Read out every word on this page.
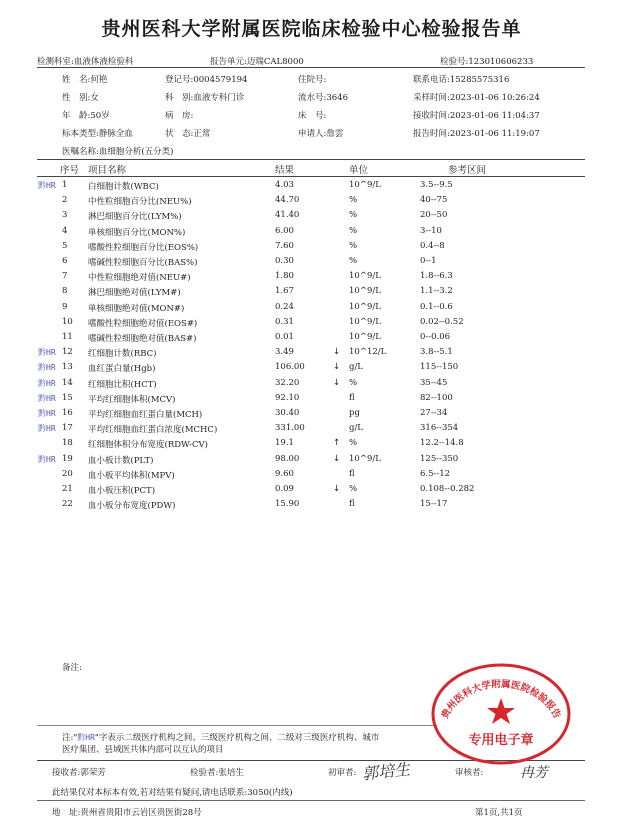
贵州医科大学附属医院临床检验中心检验报告单
检测科室:血液体液检验科	报告单元:迈瑞CAL8000	检验号:123010606233
姓　名:何艳	登记号:0004579194	住院号:	联系电话:15285575316
性　别:女	科　别:血液专科门诊	流水号:3646	采样时间:2023-01-06 10:26:24
年　龄:50岁	病　房:	床　号:	接收时间:2023-01-06 11:04:37
标本类型:静脉全血	状　态:正常	申请人:詹雲	报告时间:2023-01-06 11:19:07
医嘱名称:血细胞分析(五分类)
序号 项目名称	结果	单位	参考区间
黔HR 1 白细胞计数(WBC)	4.03	10^9/L	3.5--9.5
2 中性粒细胞百分比(NEU%)	44.70	%	40--75
3 淋巴细胞百分比(LYM%)	41.40	%	20--50
4 单核细胞百分比(MON%)	6.00	%	3--10
5 嗜酸性粒细胞百分比(EOS%)	7.60	%	0.4--8
6 嗜碱性粒细胞百分比(BAS%)	0.30	%	0--1
7 中性粒细胞绝对值(NEU#)	1.80	10^9/L	1.8--6.3
8 淋巴细胞绝对值(LYM#)	1.67	10^9/L	1.1--3.2
9 单核细胞绝对值(MON#)	0.24	10^9/L	0.1--0.6
10 嗜酸性粒细胞绝对值(EOS#)	0.31	10^9/L	0.02--0.52
11 嗜碱性粒细胞绝对值(BAS#)	0.01	10^9/L	0--0.06
黔HR 12 红细胞计数(RBC)	3.49	↓ 10^12/L	3.8--5.1
黔HR 13 血红蛋白量(Hgb)	106.00	↓ g/L	115--150
黔HR 14 红细胞比积(HCT)	32.20	↓ %	35--45
黔HR 15 平均红细胞体积(MCV)	92.10	fl	82--100
黔HR 16 平均红细胞血红蛋白量(MCH)	30.40	pg	27--34
黔HR 17 平均红细胞血红蛋白浓度(MCHC)	331.00	g/L	316--354
18 红细胞体积分布宽度(RDW-CV)	19.1	↑ %	12.2--14.8
黔HR 19 血小板计数(PLT)	98.00	↓ 10^9/L	125--350
20 血小板平均体积(MPV)	9.60	fl	6.5--12
21 血小板压积(PCT)	0.09	↓ %	0.108--0.282
22 血小板分布宽度(PDW)	15.90	fl	15--17
备注:
注:"黔HR"字表示二级医疗机构之间、三级医疗机构之间、二级对三级医疗机构、城市
医疗集团、县域医共体内部可以互认的项目
接收者:郭荣芳	检验者:张培生	初审者: 郭培生	审核者:	冉芳
此结果仅对本标本有效,若对结果有疑问,请电话联系:3050(内线)
地　址:贵州省贵阳市云岩区贵医街28号	第1页,共1页
贵州医科大学附属医院检验报告
专用电子章
